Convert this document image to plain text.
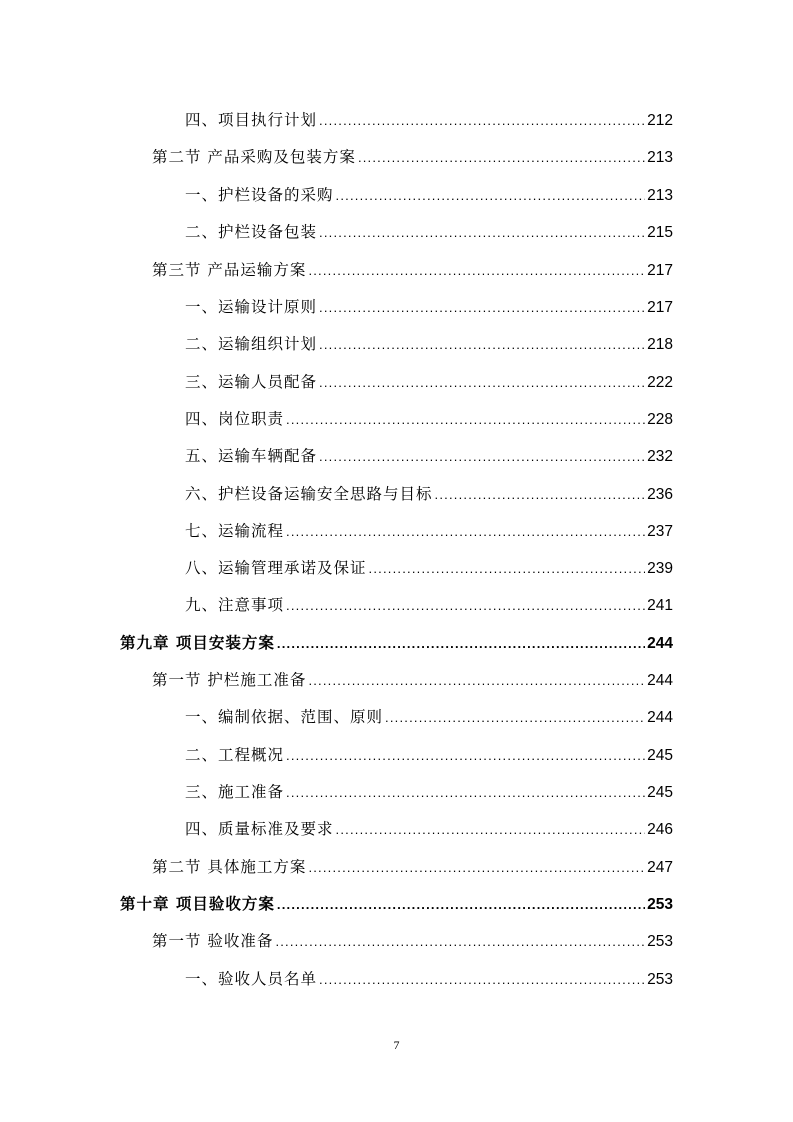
四、项目执行计划 .....	212
第二节 产品采购及包装方案 .....	213
一、护栏设备的采购 .....	213
二、护栏设备包装 .....	215
第三节 产品运输方案 .....	217
一、运输设计原则 .....	217
二、运输组织计划 .....	218
三、运输人员配备 .....	222
四、岗位职责 .....	228
五、运输车辆配备 .....	232
六、护栏设备运输安全思路与目标 .....	236
七、运输流程 .....	237
八、运输管理承诺及保证 .....	239
九、注意事项 .....	241
第九章 项目安装方案 .....	244
第一节 护栏施工准备 .....	244
一、编制依据、范围、原则 .....	244
二、工程概况 .....	245
三、施工准备 .....	245
四、质量标准及要求 .....	246
第二节 具体施工方案 .....	247
第十章 项目验收方案 .....	253
第一节 验收准备 .....	253
一、验收人员名单 .....	253
7
